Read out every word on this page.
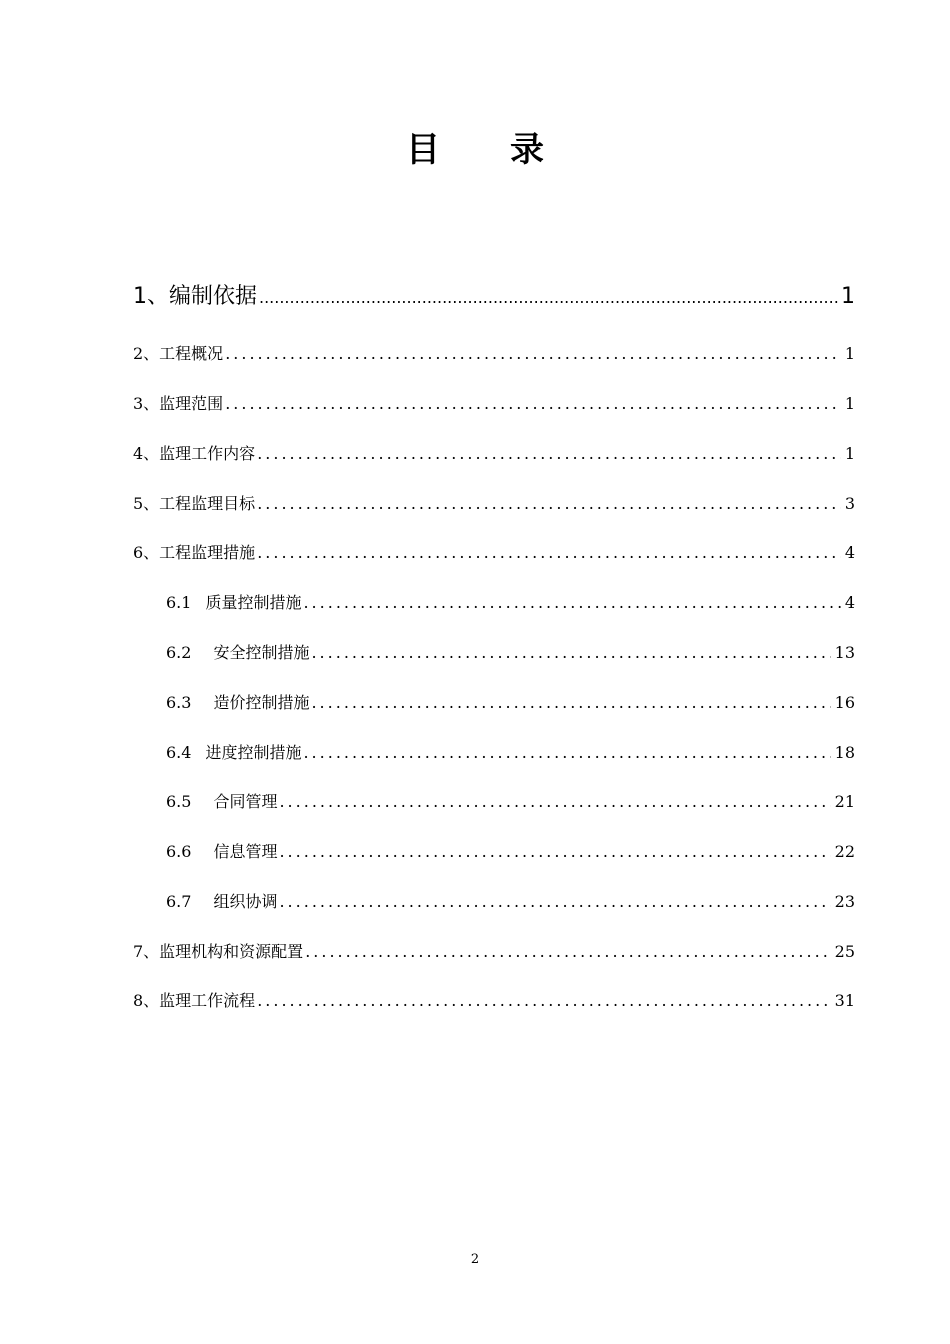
目 录
1、编制依据 .....	1
2、工程概况 .....	1
3、监理范围 .....	1
4、监理工作内容 .....	1
5、工程监理目标 .....	3
6、工程监理措施 .....	4
6.1 质量控制措施 .....	4
6.2 安全控制措施 .....	13
6.3 造价控制措施 .....	16
6.4 进度控制措施 .....	18
6.5 合同管理 .....	21
6.6 信息管理 .....	22
6.7 组织协调 .....	23
7、监理机构和资源配置 .....	25
8、监理工作流程 .....	31
2
